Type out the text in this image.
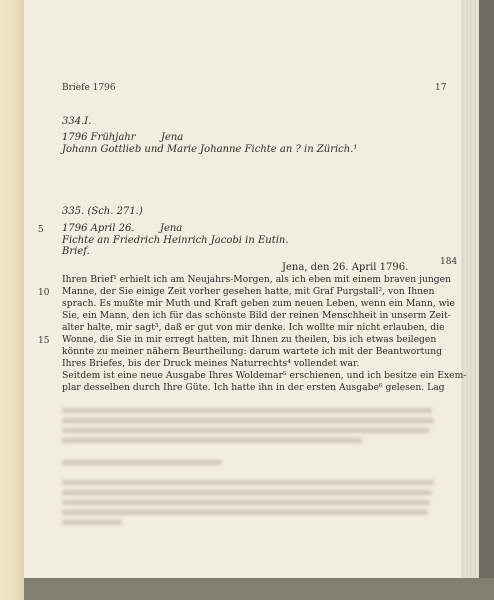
Briefe 1796	17
334.I.
1796 Frühjahr        Jena
Johann Gottlieb und Marie Johanne Fichte an ? in Zürich.¹
335. (Sch. 271.)
5 1796 April 26.        Jena
Fichte an Friedrich Heinrich Jacobi in Eutin.
Brief.
184
Jena, den 26. April 1796.
Ihren Brief¹ erhielt ich am Neujahrs-Morgen, als ich eben mit einem braven jungen
10 Manne, der Sie einige Zeit vorher gesehen hatte, mit Graf Purgstall², von Ihnen
sprach. Es mußte mir Muth und Kraft geben zum neuen Leben, wenn ein Mann, wie
Sie, ein Mann, den ich für das schönste Bild der reinen Menschheit in unserm Zeit-
alter halte, mir sagt³, daß er gut von mir denke. Ich wollte mir nicht erlauben, die
Wonne, die Sie in mir erregt hatten, mit Ihnen zu theilen, bis ich etwas beilegen
15
könnte zu meiner nähern Beurtheilung: darum wartete ich mit der Beantwortung
Ihres Briefes, bis der Druck meines Naturrechts⁴ vollendet war.
Seitdem ist eine neue Ausgabe Ihres Woldemar⁵ erschienen, und ich besitze ein Exem-
plar desselben durch Ihre Güte. Ich hatte ihn in der ersten Ausgabe⁶ gelesen. Lag
